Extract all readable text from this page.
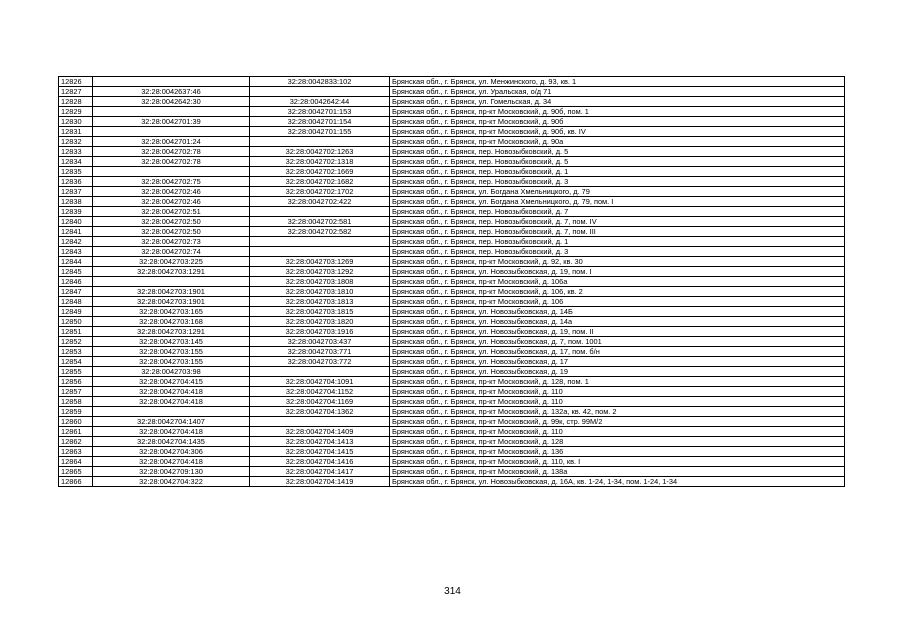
12826		32:28:0042833:102	Брянская обл., г. Брянск, ул. Менжинского, д. 93, кв. 1
12827	32:28:0042637:46		Брянская обл., г. Брянск, ул. Уральская, о/д 71
12828	32:28:0042642:30	32:28:0042642:44	Брянская обл., г. Брянск, ул. Гомельская, д. 34
12829		32:28:0042701:153	Брянская обл., г. Брянск, пр-кт Московский, д. 90б, пом. 1
12830	32:28:0042701:39	32:28:0042701:154	Брянская обл., г. Брянск, пр-кт Московский, д. 90б
12831		32:28:0042701:155	Брянская обл., г. Брянск, пр-кт Московский, д. 90б, кв. IV
12832	32:28:0042701:24		Брянская обл., г. Брянск, пр-кт Московский, д. 90а
12833	32:28:0042702:78	32:28:0042702:1263	Брянская обл., г. Брянск, пер. Новозыбковский, д. 5
12834	32:28:0042702:78	32:28:0042702:1318	Брянская обл., г. Брянск, пер. Новозыбковский, д. 5
12835		32:28:0042702:1669	Брянская обл., г. Брянск, пер. Новозыбковский, д. 1
12836	32:28:0042702:75	32:28:0042702:1682	Брянская обл., г. Брянск, пер. Новозыбковский, д. 3
12837	32:28:0042702:46	32:28:0042702:1702	Брянская обл., г. Брянск, ул. Богдана Хмельницкого, д. 79
12838	32:28:0042702:46	32:28:0042702:422	Брянская обл., г. Брянск, ул. Богдана Хмельницкого, д. 79, пом. I
12839	32:28:0042702:51		Брянская обл., г. Брянск, пер. Новозыбковский, д. 7
12840	32:28:0042702:50	32:28:0042702:581	Брянская обл., г. Брянск, пер. Новозыбковский, д. 7, пом. IV
12841	32:28:0042702:50	32:28:0042702:582	Брянская обл., г. Брянск, пер. Новозыбковский, д. 7, пом. III
12842	32:28:0042702:73		Брянская обл., г. Брянск, пер. Новозыбковский, д. 1
12843	32:28:0042702:74		Брянская обл., г. Брянск, пер. Новозыбковский, д. 3
12844	32:28:0042703:225	32:28:0042703:1269	Брянская обл., г. Брянск, пр-кт Московский, д. 92, кв. 30
12845	32:28:0042703:1291	32:28:0042703:1292	Брянская обл., г. Брянск, ул. Новозыбковская, д. 19, пом. I
12846		32:28:0042703:1808	Брянская обл., г. Брянск, пр-кт Московский, д. 106а
12847	32:28:0042703:1901	32:28:0042703:1810	Брянская обл., г. Брянск, пр-кт Московский, д. 106, кв. 2
12848	32:28:0042703:1901	32:28:0042703:1813	Брянская обл., г. Брянск, пр-кт Московский, д. 106
12849	32:28:0042703:165	32:28:0042703:1815	Брянская обл., г. Брянск, ул. Новозыбковская, д. 14Б
12850	32:28:0042703:168	32:28:0042703:1820	Брянская обл., г. Брянск, ул. Новозыбковская, д. 14а
12851	32:28:0042703:1291	32:28:0042703:1916	Брянская обл., г. Брянск, ул. Новозыбковская, д. 19, пом. II
12852	32:28:0042703:145	32:28:0042703:437	Брянская обл., г. Брянск, ул. Новозыбковская, д. 7, пом. 1001
12853	32:28:0042703:155	32:28:0042703:771	Брянская обл., г. Брянск, ул. Новозыбковская, д. 17, пом. б/н
12854	32:28:0042703:155	32:28:0042703:772	Брянская обл., г. Брянск, ул. Новозыбковская, д. 17
12855	32:28:0042703:98		Брянская обл., г. Брянск, ул. Новозыбковская, д. 19
12856	32:28:0042704:415	32:28:0042704:1091	Брянская обл., г. Брянск, пр-кт Московский, д. 128, пом. 1
12857	32:28:0042704:418	32:28:0042704:1152	Брянская обл., г. Брянск, пр-кт Московский, д. 110
12858	32:28:0042704:418	32:28:0042704:1169	Брянская обл., г. Брянск, пр-кт Московский, д. 110
12859		32:28:0042704:1362	Брянская обл., г. Брянск, пр-кт Московский, д. 132а, кв. 42, пом. 2
12860	32:28:0042704:1407		Брянская обл., г. Брянск, пр-кт Московский, д. 99к, стр. 99М/2
12861	32:28:0042704:418	32:28:0042704:1409	Брянская обл., г. Брянск, пр-кт Московский, д. 110
12862	32:28:0042704:1435	32:28:0042704:1413	Брянская обл., г. Брянск, пр-кт Московский, д. 128
12863	32:28:0042704:306	32:28:0042704:1415	Брянская обл., г. Брянск, пр-кт Московский, д. 136
12864	32:28:0042704:418	32:28:0042704:1416	Брянская обл., г. Брянск, пр-кт Московский, д. 110, кв. I
12865	32:28:0042709:130	32:28:0042704:1417	Брянская обл., г. Брянск, пр-кт Московский, д. 138а
12866	32:28:0042704:322	32:28:0042704:1419	Брянская обл., г. Брянск, ул. Новозыбковская, д. 16А, кв. 1-24, 1-34, пом. 1-24, 1-34
314
